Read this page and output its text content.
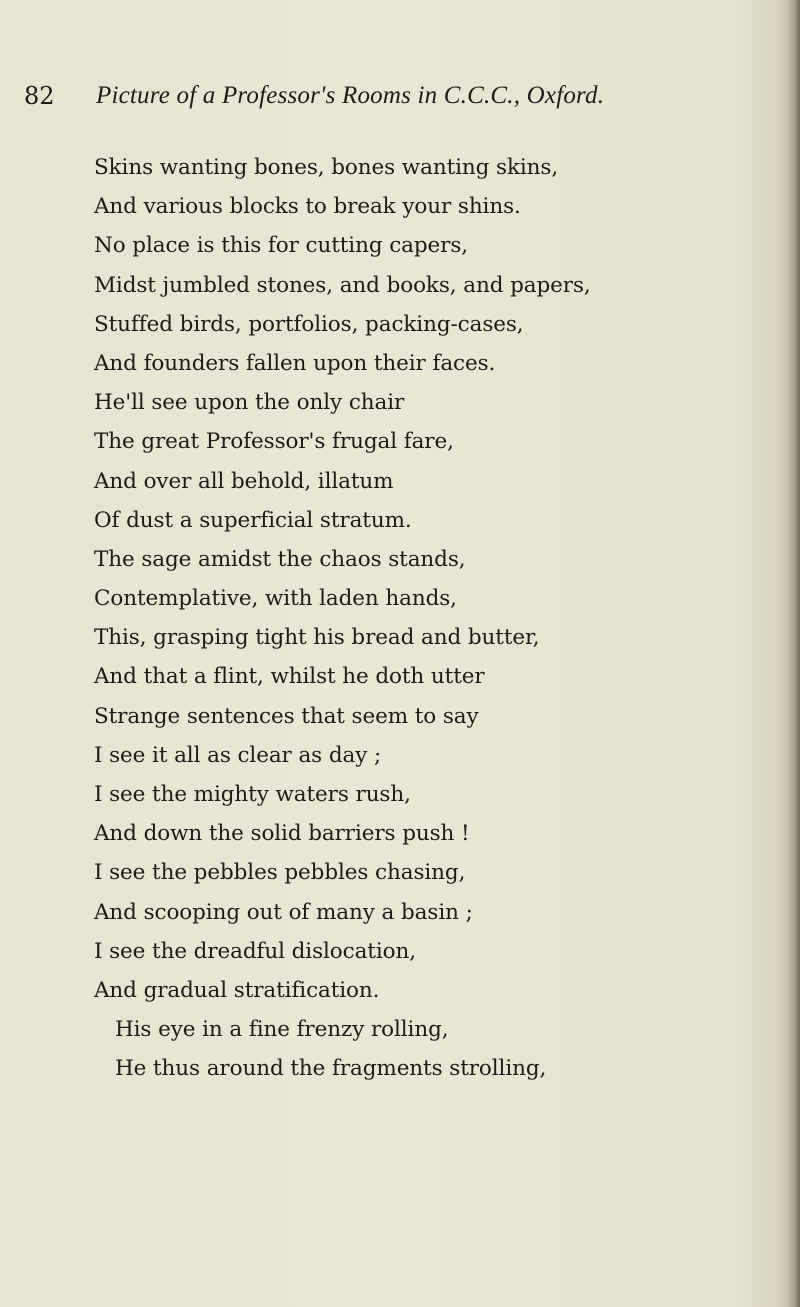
82 Picture of a Professor's Rooms in C.C.C., Oxford.
Skins wanting bones, bones wanting skins,
And various blocks to break your shins.
No place is this for cutting capers,
Midst jumbled stones, and books, and papers,
Stuffed birds, portfolios, packing-cases,
And founders fallen upon their faces.
He'll see upon the only chair
The great Professor's frugal fare,
And over all behold, illatum
Of dust a superficial stratum.
The sage amidst the chaos stands,
Contemplative, with laden hands,
This, grasping tight his bread and butter,
And that a flint, whilst he doth utter
Strange sentences that seem to say
I see it all as clear as day ;
I see the mighty waters rush,
And down the solid barriers push !
I see the pebbles pebbles chasing,
And scooping out of many a basin ;
I see the dreadful dislocation,
And gradual stratification.
His eye in a fine frenzy rolling,
He thus around the fragments strolling,
